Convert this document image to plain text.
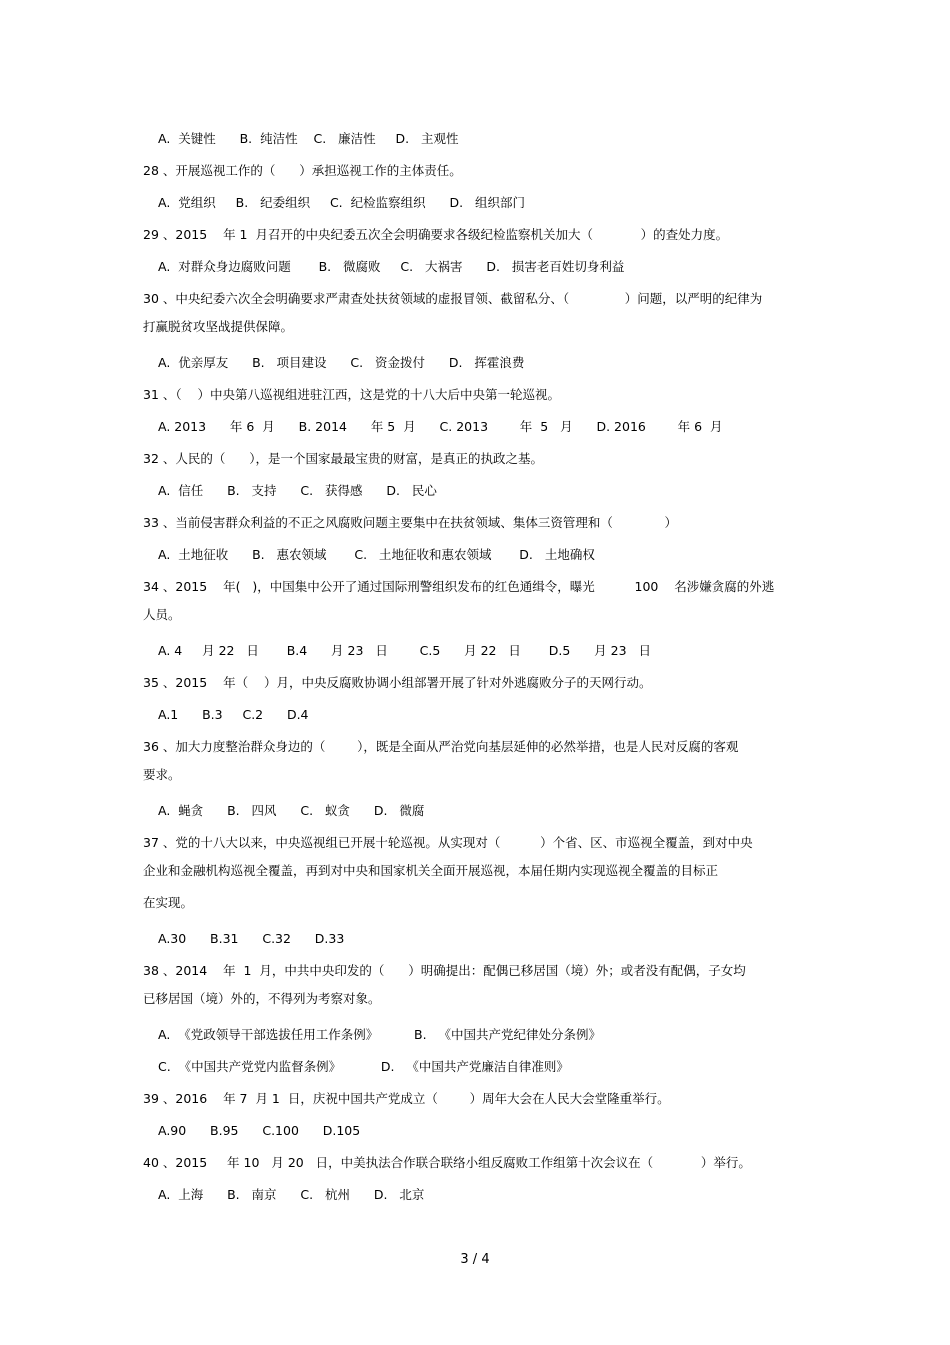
A.  关键性      B.  纯洁性    C.   廉洁性     D.   主观性

28 、开展巡视工作的（      ）承担巡视工作的主体责任。

A.  党组织     B.   纪委组织     C.  纪检监察组织      D.   组织部门

29 、2015    年 1  月召开的中央纪委五次全会明确要求各级纪检监察机关加大（            ）的查处力度。

A.  对群众身边腐败问题       B.   微腐败     C.   大祸害      D.   损害老百姓切身利益

30 、中央纪委六次全会明确要求严肃查处扶贫领域的虚报冒领、截留私分、（              ）问题，以严明的纪律为

打赢脱贫攻坚战提供保障。

A.  优亲厚友      B.   项目建设      C.   资金拨付      D.   挥霍浪费

31 、（    ）中央第八巡视组进驻江西，这是党的十八大后中央第一轮巡视。

A. 2013      年 6  月      B. 2014      年 5  月      C. 2013        年  5   月      D. 2016        年 6  月

32 、人民的（      ），是一个国家最最宝贵的财富，是真正的执政之基。

A.  信任      B.   支持      C.   获得感      D.   民心

33 、当前侵害群众利益的不正之风腐败问题主要集中在扶贫领域、集体三资管理和（             ）

A.  土地征收      B.   惠农领域       C.   土地征收和惠农领域       D.   土地确权

34 、2015    年(   )，中国集中公开了通过国际刑警组织发布的红色通缉令，曝光          100    名涉嫌贪腐的外逃

人员。

A. 4     月 22   日       B.4      月 23   日        C.5      月 22   日       D.5      月 23   日

35 、2015    年（    ）月，中央反腐败协调小组部署开展了针对外逃腐败分子的天网行动。

A.1      B.3     C.2      D.4

36 、加大力度整治群众身边的（        ），既是全面从严治党向基层延伸的必然举措，也是人民对反腐的客观

要求。

A.  蝇贪      B.   四风      C.   蚁贪      D.   微腐

37 、党的十八大以来，中央巡视组已开展十轮巡视。从实现对（          ）个省、区、市巡视全覆盖，到对中央

企业和金融机构巡视全覆盖，再到对中央和国家机关全面开展巡视，本届任期内实现巡视全覆盖的目标正

在实现。

A.30      B.31      C.32      D.33

38 、2014    年  1  月，中共中央印发的（      ）明确提出：配偶已移居国（境）外；或者没有配偶，子女均

已移居国（境）外的，不得列为考察对象。

A.  《党政领导干部选拔任用工作条例》         B.   《中国共产党纪律处分条例》

C.  《中国共产党党内监督条例》          D.   《中国共产党廉洁自律准则》

39 、2016    年 7  月 1  日，庆祝中国共产党成立（        ）周年大会在人民大会堂隆重举行。

A.90      B.95      C.100      D.105

40 、2015     年 10   月 20   日，中美执法合作联合联络小组反腐败工作组第十次会议在（            ）举行。

A.  上海      B.   南京      C.   杭州      D.   北京

3 / 4
